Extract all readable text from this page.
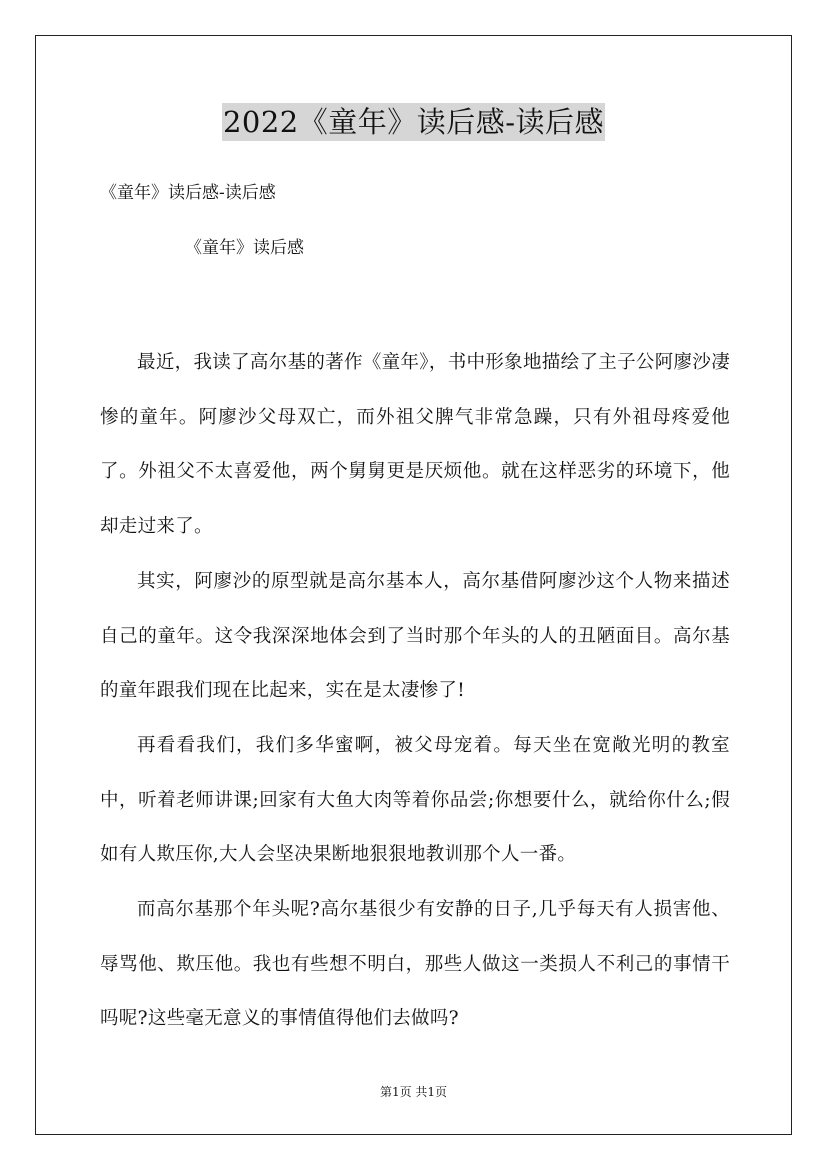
2022《童年》读后感-读后感
《童年》读后感-读后感
《童年》读后感

最近，我读了高尔基的著作《童年》，书中形象地描绘了主子公阿廖沙凄惨的童年。阿廖沙父母双亡，而外祖父脾气非常急躁，只有外祖母疼爱他了。外祖父不太喜爱他，两个舅舅更是厌烦他。就在这样恶劣的环境下，他却走过来了。

其实，阿廖沙的原型就是高尔基本人，高尔基借阿廖沙这个人物来描述自己的童年。这令我深深地体会到了当时那个年头的人的丑陋面目。高尔基的童年跟我们现在比起来，实在是太凄惨了!

再看看我们，我们多华蜜啊，被父母宠着。每天坐在宽敞光明的教室中，听着老师讲课;回家有大鱼大肉等着你品尝;你想要什么，就给你什么;假如有人欺压你,大人会坚决果断地狠狠地教训那个人一番。

而高尔基那个年头呢?高尔基很少有安静的日子,几乎每天有人损害他、辱骂他、欺压他。我也有些想不明白，那些人做这一类损人不利己的事情干吗呢?这些毫无意义的事情值得他们去做吗?

第1页 共1页
